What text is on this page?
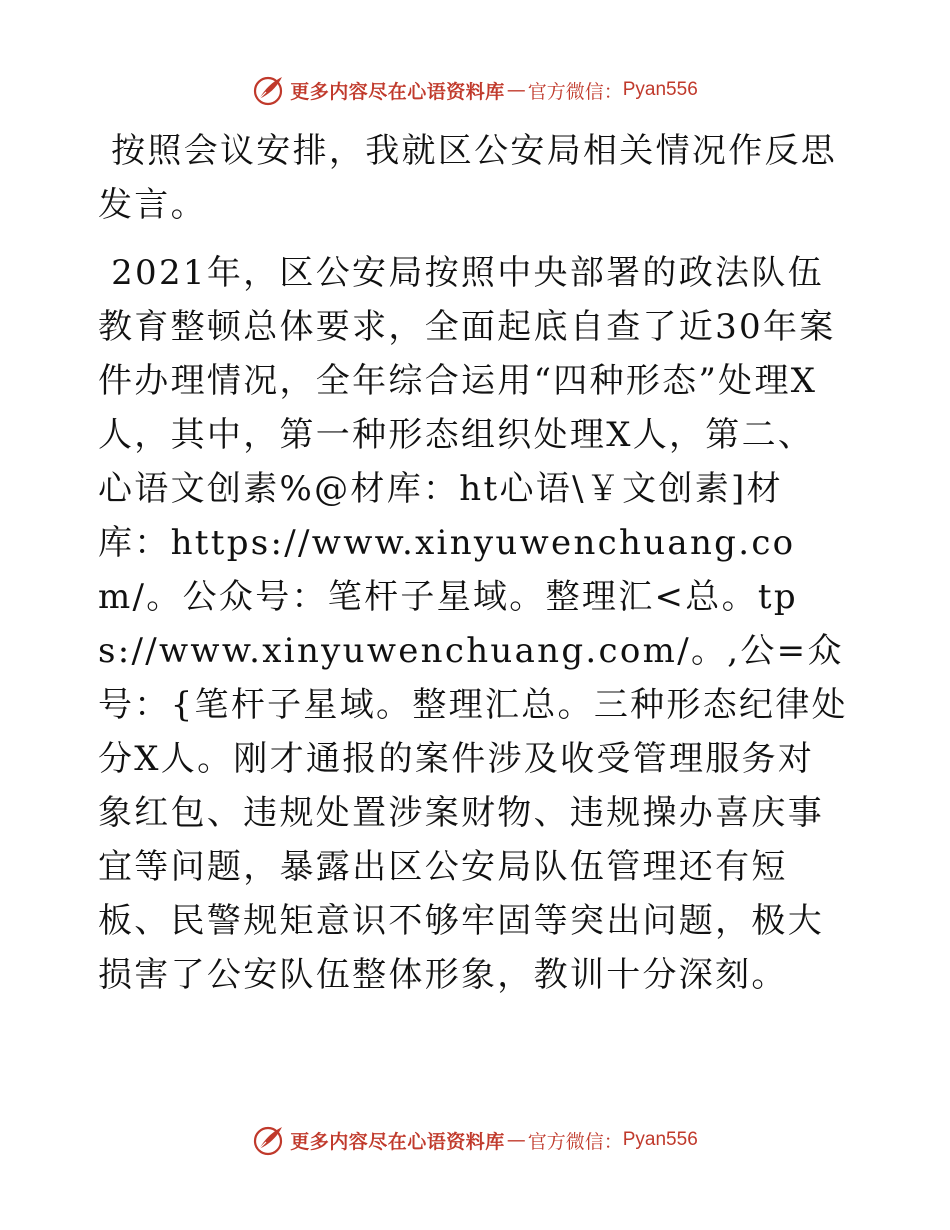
更多内容尽在心语资料库 — 官方微信： Pyan556

按照会议安排，我就区公安局相关情况作反思发言。

2021年，区公安局按照中央部署的政法队伍教育整顿总体要求，全面起底自查了近30年案件办理情况，全年综合运用“四种形态”处理X人，其中，第一种形态组织处理X人，第二、心语文创素%@材库：ht心语\￥文创素]材库：https://www.xinyuwenchuang.com/。公众号：笔杆子星域。整理汇<总。tps://www.xinyuwenchuang.com/。,公=众号：{笔杆子星域。整理汇总。三种形态纪律处分X人。刚才通报的案件涉及收受管理服务对象红包、违规处置涉案财物、违规操办喜庆事宜等问题，暴露出区公安局队伍管理还有短板、民警规矩意识不够牢固等突出问题，极大损害了公安队伍整体形象，教训十分深刻。

更多内容尽在心语资料库 — 官方微信： Pyan556
